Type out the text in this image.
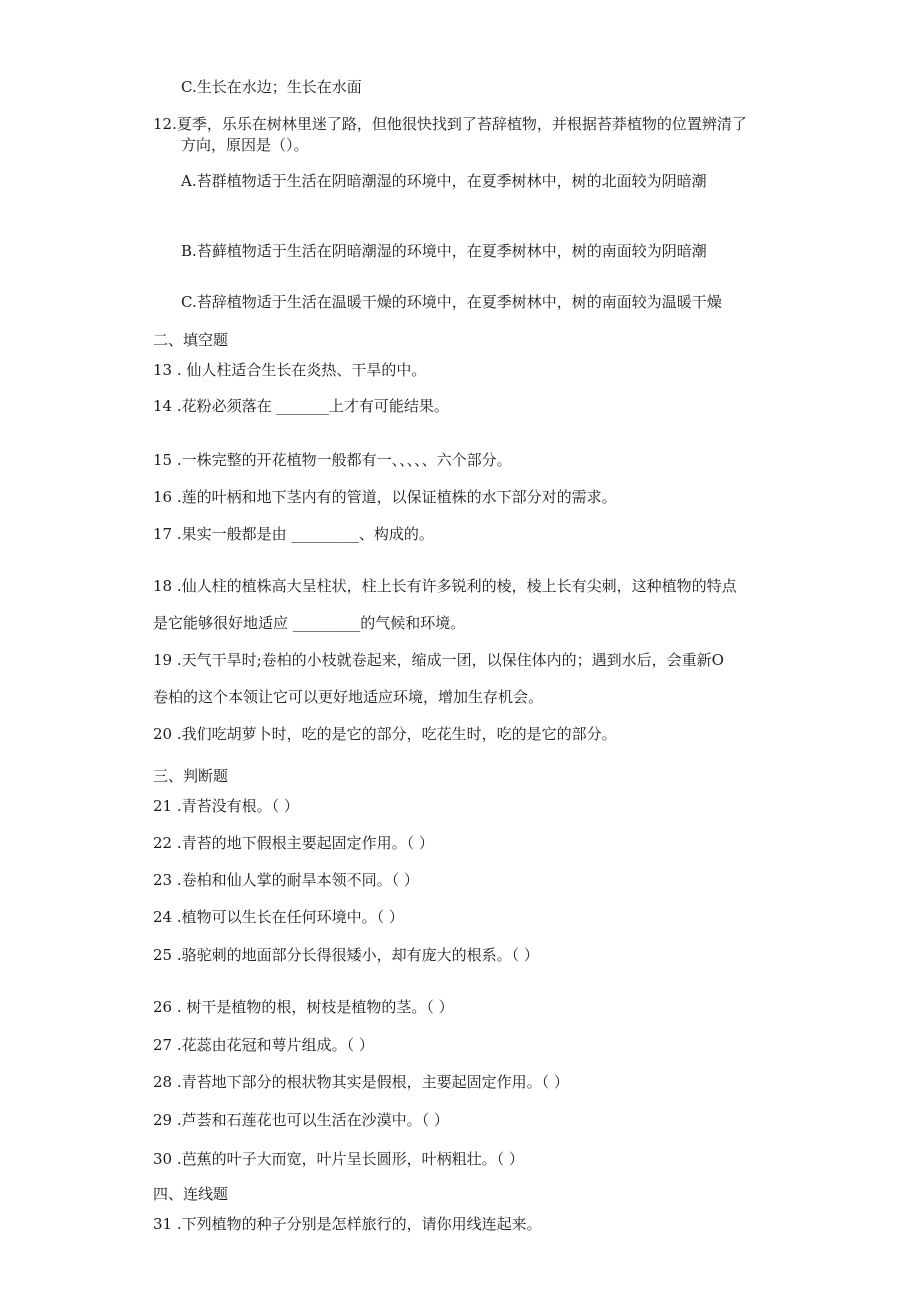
C.生长在水边；生长在水面
12.夏季，乐乐在树林里迷了路，但他很快找到了苔辞植物，并根据苔莽植物的位置辨清了
方向，原因是（）。
A.苔群植物适于生活在阴暗潮湿的环境中，在夏季树林中，树的北面较为阴暗潮
B.苔藓植物适于生活在阴暗潮湿的环境中，在夏季树林中，树的南面较为阴暗潮
C.苔辞植物适于生活在温暖干燥的环境中，在夏季树林中，树的南面较为温暖干燥
二、填空题
13 . 仙人柱适合生长在炎热、干旱的中。
14 .花粉必须落在 _______上才有可能结果。
15 .一株完整的开花植物一般都有一、、、、、六个部分。
16 .莲的叶柄和地下茎内有的管道，以保证植株的水下部分对的需求。
17 .果实一般都是由 _________、构成的。
18 .仙人柱的植株高大呈柱状，柱上长有许多锐利的棱，棱上长有尖刺，这种植物的特点
是它能够很好地适应 _________的气候和环境。
19 .天气干旱时;卷柏的小枝就卷起来，缩成一团，以保住体内的；遇到水后，会重新O
卷柏的这个本领让它可以更好地适应环境，增加生存机会。
20 .我们吃胡萝卜时，吃的是它的部分，吃花生时，吃的是它的部分。
三、判断题
21 .青苔没有根。（ ）
22 .青苔的地下假根主要起固定作用。（ ）
23 .卷柏和仙人掌的耐旱本领不同。（ ）
24 .植物可以生长在任何环境中。（ ）
25 .骆驼刺的地面部分长得很矮小，却有庞大的根系。（ ）
26 . 树干是植物的根，树枝是植物的茎。（ ）
27 .花蕊由花冠和萼片组成。（ ）
28 .青苔地下部分的根状物其实是假根，主要起固定作用。（ ）
29 .芦荟和石莲花也可以生活在沙漠中。（ ）
30 .芭蕉的叶子大而宽，叶片呈长圆形，叶柄粗壮。（ ）
四、连线题
31 .下列植物的种子分别是怎样旅行的，请你用线连起来。
